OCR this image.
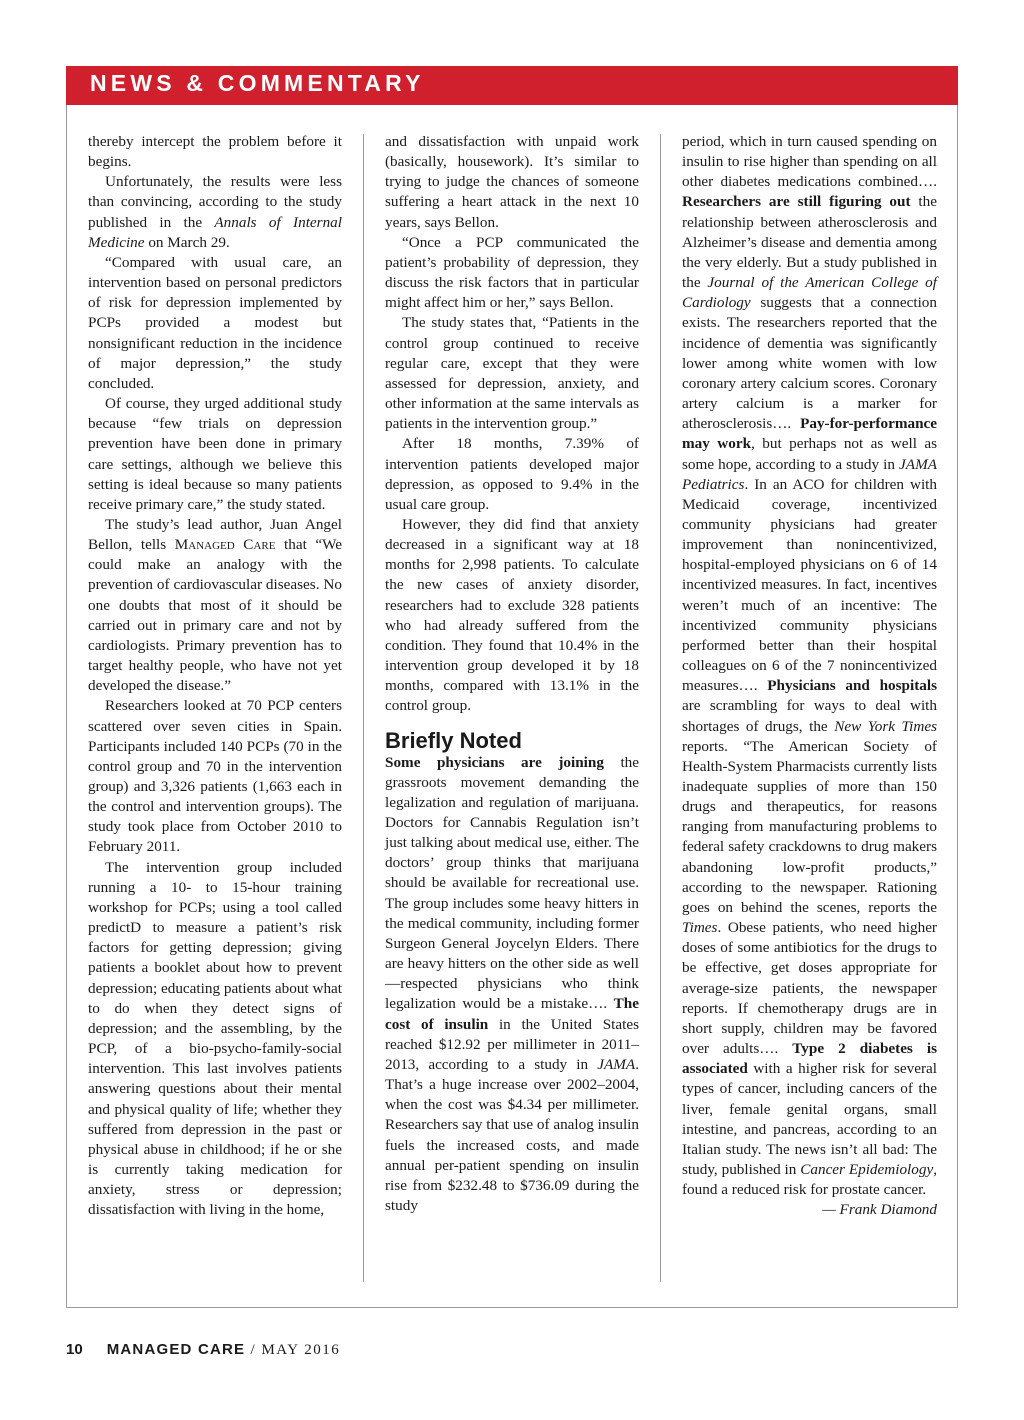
NEWS & COMMENTARY

thereby intercept the problem before it begins.

Unfortunately, the results were less than convincing, according to the study published in the Annals of Internal Medicine on March 29.

“Compared with usual care, an intervention based on personal predictors of risk for depression implemented by PCPs provided a modest but nonsignificant reduction in the incidence of major depression,” the study concluded.

Of course, they urged additional study because “few trials on depression prevention have been done in primary care settings, although we believe this setting is ideal because so many patients receive primary care,” the study stated.

The study’s lead author, Juan Angel Bellon, tells Managed Care that “We could make an analogy with the prevention of cardiovascular diseases. No one doubts that most of it should be carried out in primary care and not by cardiologists. Primary prevention has to target healthy people, who have not yet developed the disease.”

Researchers looked at 70 PCP centers scattered over seven cities in Spain. Participants included 140 PCPs (70 in the control group and 70 in the intervention group) and 3,326 patients (1,663 each in the control and intervention groups). The study took place from October 2010 to February 2011.

The intervention group included running a 10- to 15-hour training workshop for PCPs; using a tool called predictD to measure a patient’s risk factors for getting depression; giving patients a booklet about how to prevent depression; educating patients about what to do when they detect signs of depression; and the assembling, by the PCP, of a bio-psycho-family-social intervention. This last involves patients answering questions about their mental and physical quality of life; whether they suffered from depression in the past or physical abuse in childhood; if he or she is currently taking medication for anxiety, stress or depression; dissatisfaction with living in the home,

and dissatisfaction with unpaid work (basically, housework). It’s similar to trying to judge the chances of someone suffering a heart attack in the next 10 years, says Bellon.

“Once a PCP communicated the patient’s probability of depression, they discuss the risk factors that in particular might affect him or her,” says Bellon.

The study states that, “Patients in the control group continued to receive regular care, except that they were assessed for depression, anxiety, and other information at the same intervals as patients in the intervention group.”

After 18 months, 7.39% of intervention patients developed major depression, as opposed to 9.4% in the usual care group.

However, they did find that anxiety decreased in a significant way at 18 months for 2,998 patients. To calculate the new cases of anxiety disorder, researchers had to exclude 328 patients who had already suffered from the condition. They found that 10.4% in the intervention group developed it by 18 months, compared with 13.1% in the control group.

Briefly Noted

Some physicians are joining the grassroots movement demanding the legalization and regulation of marijuana. Doctors for Cannabis Regulation isn’t just talking about medical use, either. The doctors’ group thinks that marijuana should be available for recreational use. The group includes some heavy hitters in the medical community, including former Surgeon General Joycelyn Elders. There are heavy hitters on the other side as well—respected physicians who think legalization would be a mistake…. The cost of insulin in the United States reached $12.92 per millimeter in 2011–2013, according to a study in JAMA. That’s a huge increase over 2002–2004, when the cost was $4.34 per millimeter. Researchers say that use of analog insulin fuels the increased costs, and made annual per-patient spending on insulin rise from $232.48 to $736.09 during the study

period, which in turn caused spending on insulin to rise higher than spending on all other diabetes medications combined…. Researchers are still figuring out the relationship between atherosclerosis and Alzheimer’s disease and dementia among the very elderly. But a study published in the Journal of the American College of Cardiology suggests that a connection exists. The researchers reported that the incidence of dementia was significantly lower among white women with low coronary artery calcium scores. Coronary artery calcium is a marker for atherosclerosis…. Pay-for-performance may work, but perhaps not as well as some hope, according to a study in JAMA Pediatrics. In an ACO for children with Medicaid coverage, incentivized community physicians had greater improvement than nonincentivized, hospital-employed physicians on 6 of 14 incentivized measures. In fact, incentives weren’t much of an incentive: The incentivized community physicians performed better than their hospital colleagues on 6 of the 7 nonincentivized measures…. Physicians and hospitals are scrambling for ways to deal with shortages of drugs, the New York Times reports. “The American Society of Health-System Pharmacists currently lists inadequate supplies of more than 150 drugs and therapeutics, for reasons ranging from manufacturing problems to federal safety crackdowns to drug makers abandoning low-profit products,” according to the newspaper. Rationing goes on behind the scenes, reports the Times. Obese patients, who need higher doses of some antibiotics for the drugs to be effective, get doses appropriate for average-size patients, the newspaper reports. If chemotherapy drugs are in short supply, children may be favored over adults…. Type 2 diabetes is associated with a higher risk for several types of cancer, including cancers of the liver, female genital organs, small intestine, and pancreas, according to an Italian study. The news isn’t all bad: The study, published in Cancer Epidemiology, found a reduced risk for prostate cancer.

— Frank Diamond

10 MANAGED CARE / MAY 2016
